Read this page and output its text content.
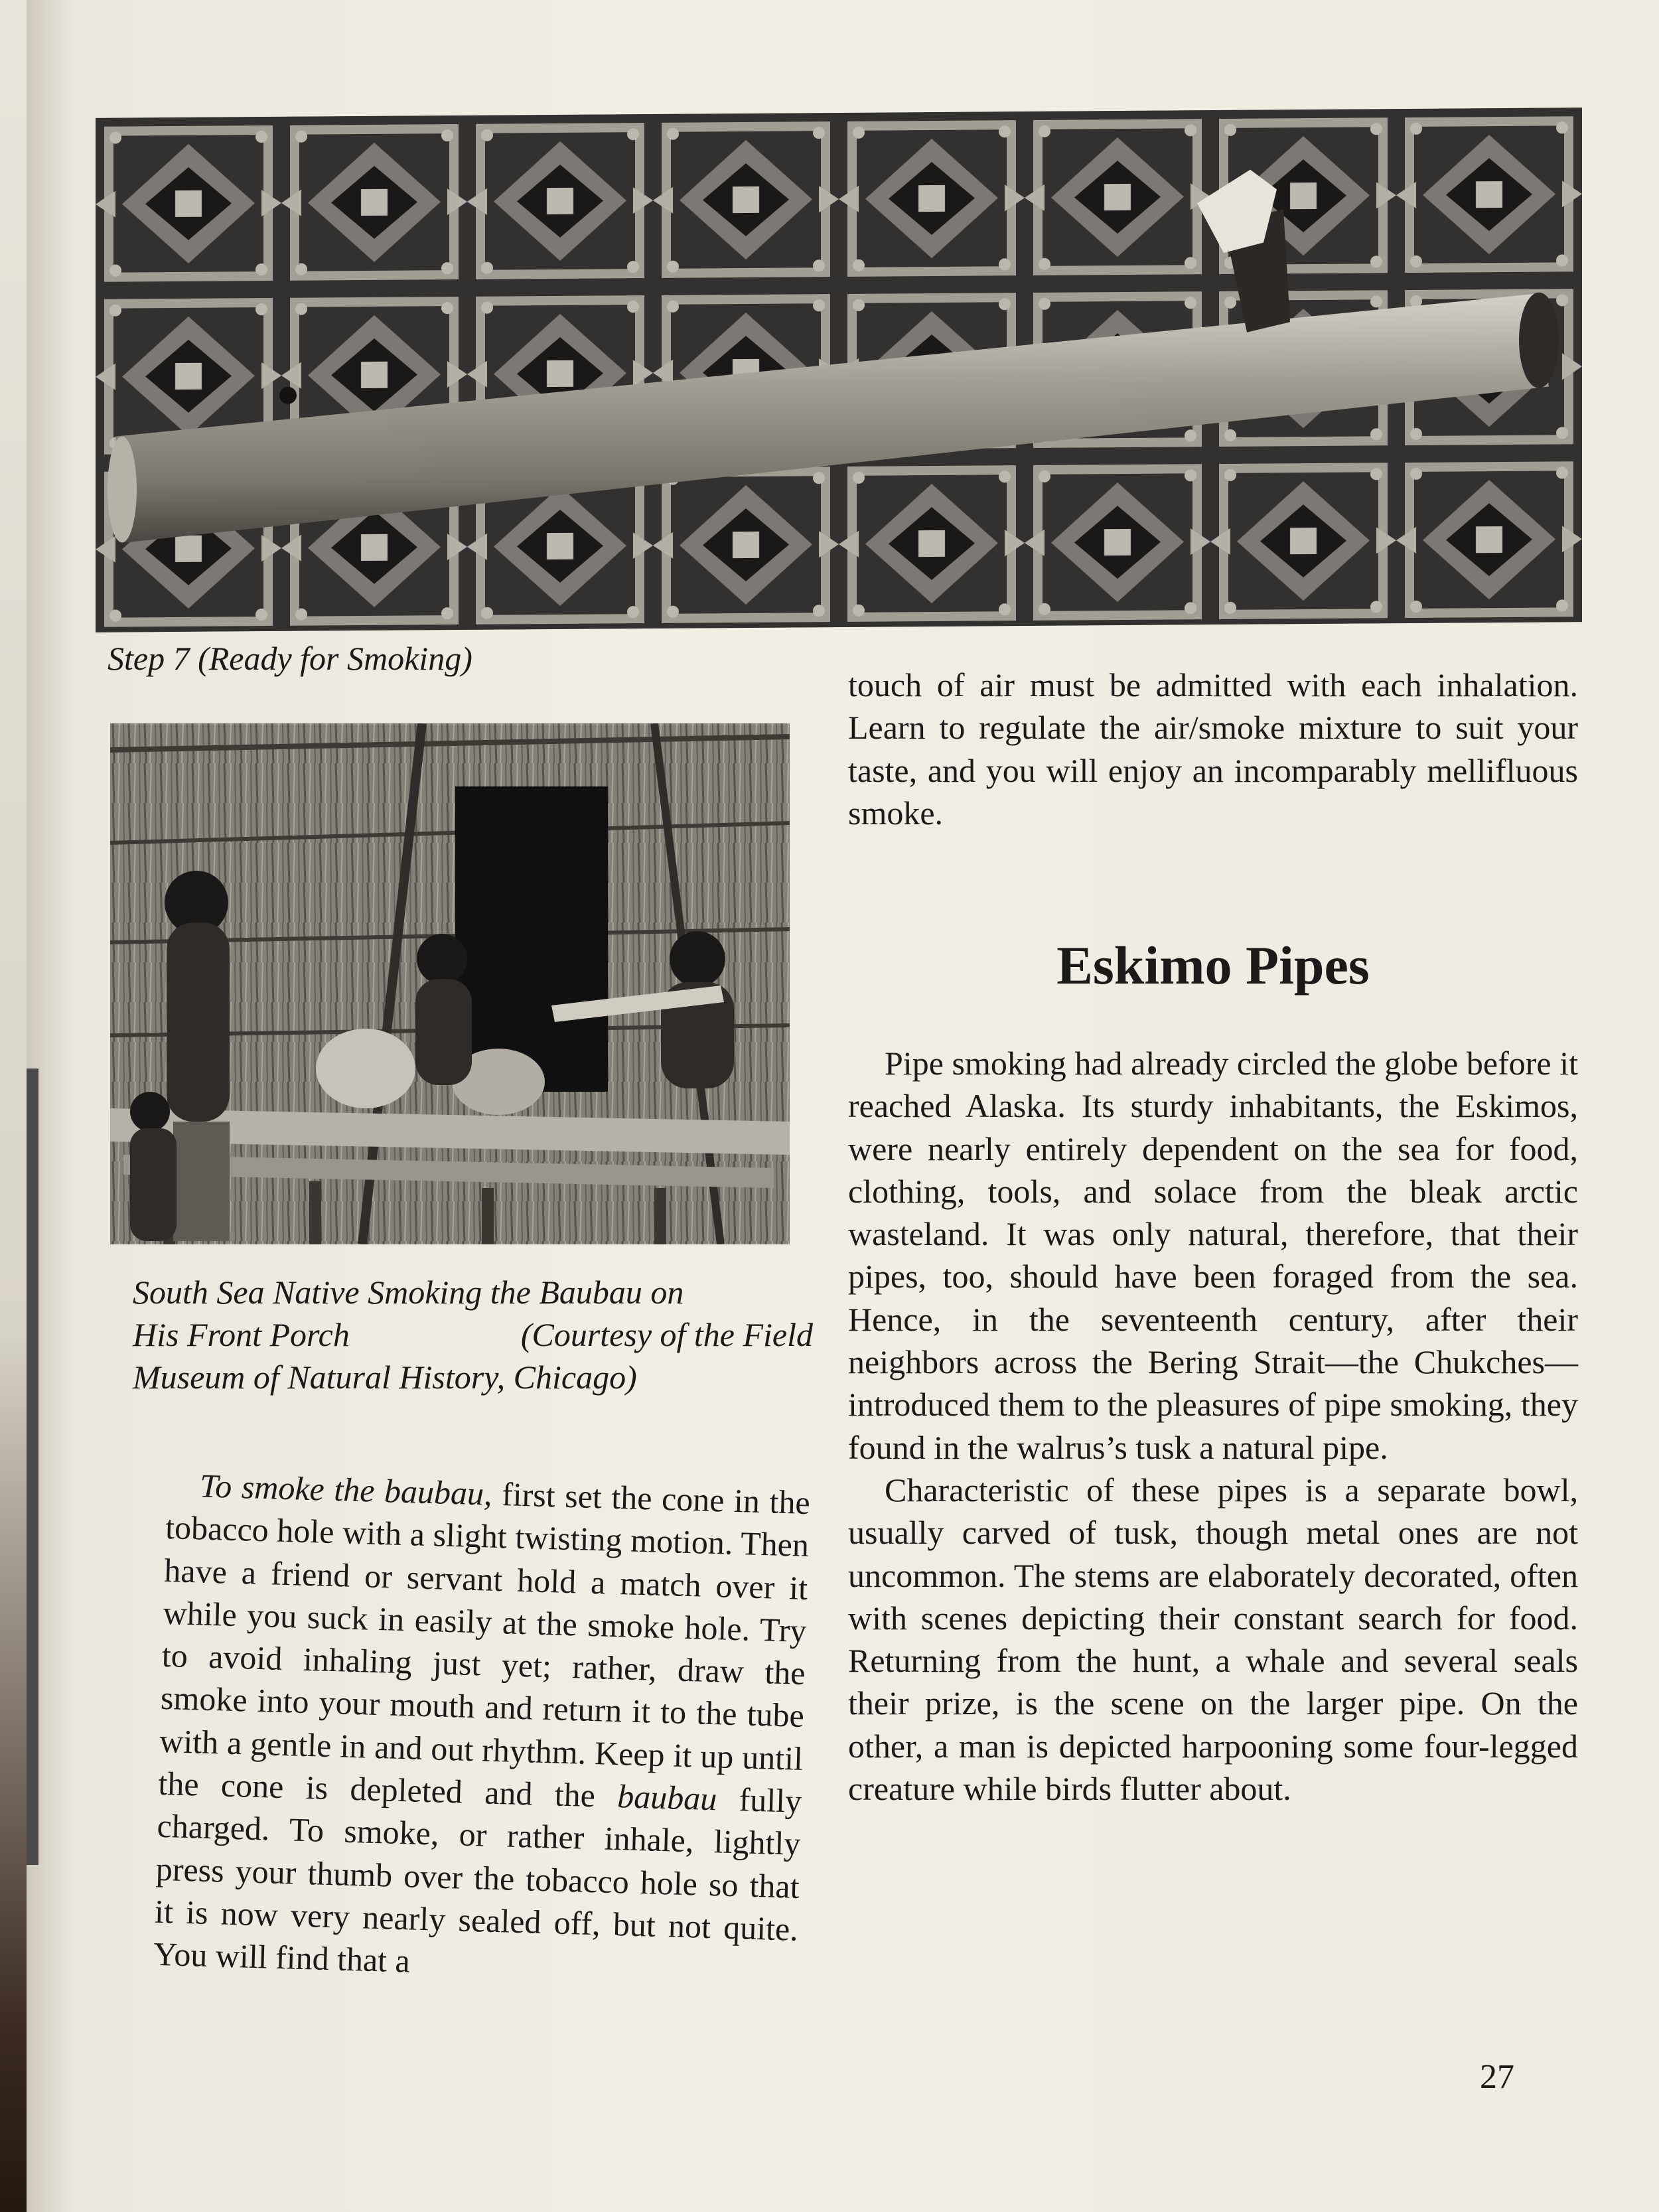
Step 7 (Ready for Smoking)
South Sea Native Smoking the Baubau on
His Front Porch	(Courtesy of the Field
Museum of Natural History, Chicago)

To smoke the baubau, first set the cone in the tobacco hole with a slight twisting motion. Then have a friend or servant hold a match over it while you suck in easily at the smoke hole. Try to avoid inhaling just yet; rather, draw the smoke into your mouth and return it to the tube with a gentle in and out rhythm. Keep it up until the cone is depleted and the baubau fully charged. To smoke, or rather inhale, lightly press your thumb over the tobacco hole so that it is now very nearly sealed off, but not quite. You will find that a

touch of air must be admitted with each inhalation. Learn to regulate the air/smoke mixture to suit your taste, and you will enjoy an incomparably mellifluous smoke.

Eskimo Pipes

Pipe smoking had already circled the globe before it reached Alaska. Its sturdy inhabitants, the Eskimos, were nearly entirely dependent on the sea for food, clothing, tools, and solace from the bleak arctic wasteland. It was only natural, therefore, that their pipes, too, should have been foraged from the sea. Hence, in the seventeenth century, after their neighbors across the Bering Strait—the Chukches—introduced them to the pleasures of pipe smoking, they found in the walrus’s tusk a natural pipe.

Characteristic of these pipes is a separate bowl, usually carved of tusk, though metal ones are not uncommon. The stems are elaborately decorated, often with scenes depicting their constant search for food. Returning from the hunt, a whale and several seals their prize, is the scene on the larger pipe. On the other, a man is depicted harpooning some four-legged creature while birds flutter about.

27
